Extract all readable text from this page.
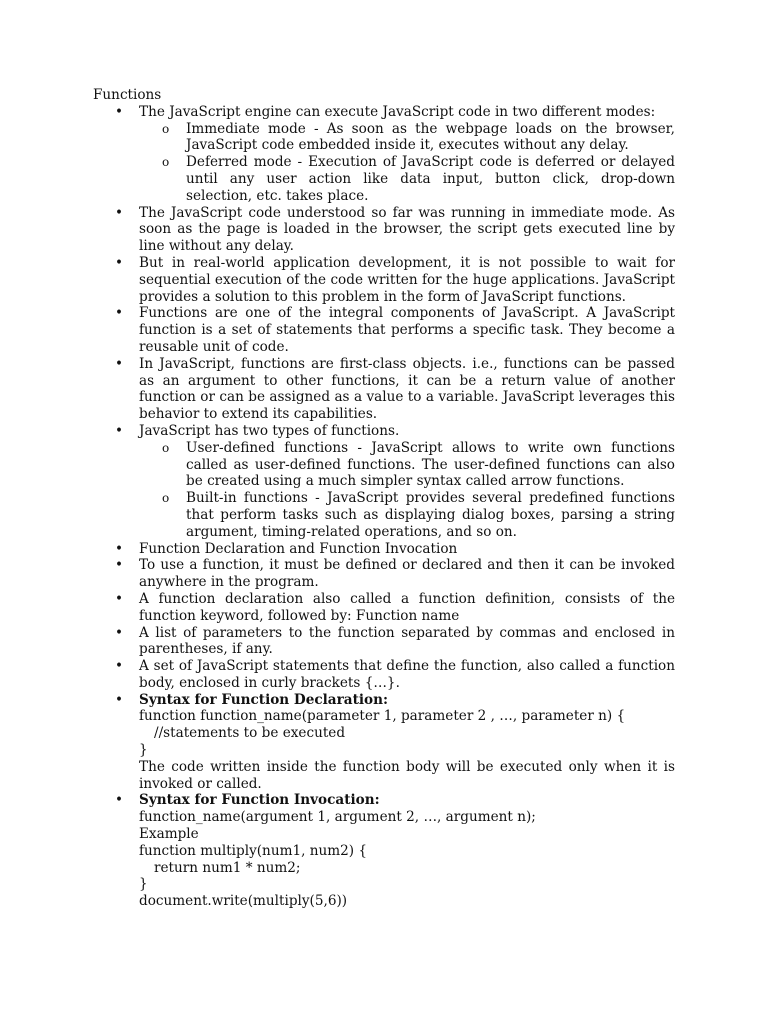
Functions

• The JavaScript engine can execute JavaScript code in two different modes:
o Immediate mode - As soon as the webpage loads on the browser, JavaScript code embedded inside it, executes without any delay.
o Deferred mode - Execution of JavaScript code is deferred or delayed until any user action like data input, button click, drop-down selection, etc. takes place.
• The JavaScript code understood so far was running in immediate mode. As soon as the page is loaded in the browser, the script gets executed line by line without any delay.
• But in real-world application development, it is not possible to wait for sequential execution of the code written for the huge applications. JavaScript provides a solution to this problem in the form of JavaScript functions.
• Functions are one of the integral components of JavaScript. A JavaScript function is a set of statements that performs a specific task. They become a reusable unit of code.
• In JavaScript, functions are first-class objects. i.e., functions can be passed as an argument to other functions, it can be a return value of another function or can be assigned as a value to a variable. JavaScript leverages this behavior to extend its capabilities.
• JavaScript has two types of functions.
o User-defined functions - JavaScript allows to write own functions called as user-defined functions. The user-defined functions can also be created using a much simpler syntax called arrow functions.
o Built-in functions - JavaScript provides several predefined functions that perform tasks such as displaying dialog boxes, parsing a string argument, timing-related operations, and so on.
• Function Declaration and Function Invocation
• To use a function, it must be defined or declared and then it can be invoked anywhere in the program.
• A function declaration also called a function definition, consists of the function keyword, followed by: Function name
• A list of parameters to the function separated by commas and enclosed in parentheses, if any.
• A set of JavaScript statements that define the function, also called a function body, enclosed in curly brackets {…}.
• Syntax for Function Declaration:
function function_name(parameter 1, parameter 2 , …, parameter n) {
//statements to be executed
}
The code written inside the function body will be executed only when it is invoked or called.
• Syntax for Function Invocation:
function_name(argument 1, argument 2, …, argument n);
Example
function multiply(num1, num2) {
return num1 * num2;
}
document.write(multiply(5,6))
